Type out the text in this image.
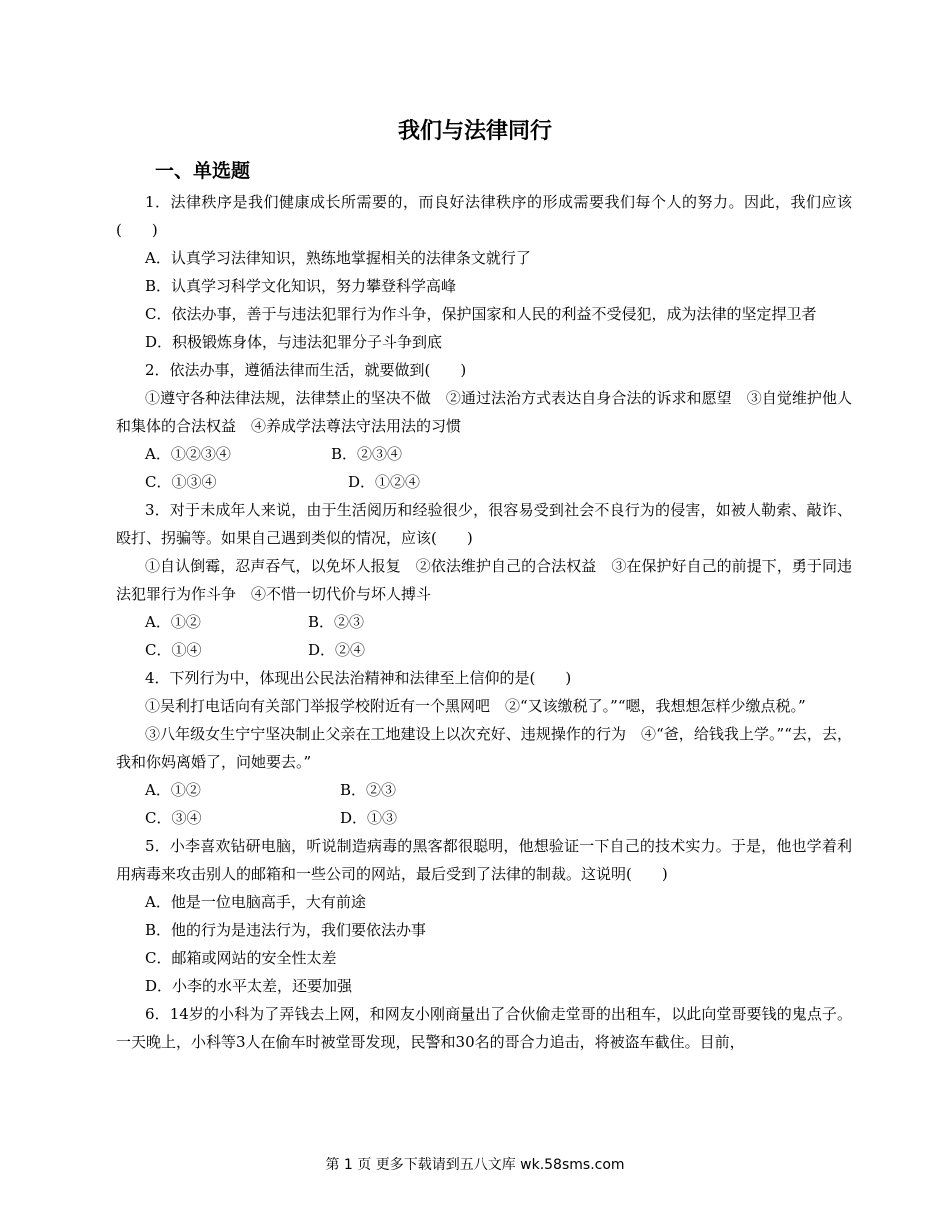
我们与法律同行
一、单选题

1．法律秩序是我们健康成长所需要的，而良好法律秩序的形成需要我们每个人的努力。因此，我们应该(　　)

A．认真学习法律知识，熟练地掌握相关的法律条文就行了

B．认真学习科学文化知识，努力攀登科学高峰

C．依法办事，善于与违法犯罪行为作斗争，保护国家和人民的利益不受侵犯，成为法律的坚定捍卫者

D．积极锻炼身体，与违法犯罪分子斗争到底

2．依法办事，遵循法律而生活，就要做到(　　)

①遵守各种法律法规，法律禁止的坚决不做　②通过法治方式表达自身合法的诉求和愿望　③自觉维护他人和集体的合法权益　④养成学法尊法守法用法的习惯

A．①②③④	B．②③④
C．①③④	D．①②④

3．对于未成年人来说，由于生活阅历和经验很少，很容易受到社会不良行为的侵害，如被人勒索、敲诈、殴打、拐骗等。如果自己遇到类似的情况，应该(　　)

①自认倒霉，忍声吞气，以免坏人报复　②依法维护自己的合法权益　③在保护好自己的前提下，勇于同违法犯罪行为作斗争　④不惜一切代价与坏人搏斗

A．①②	B．②③
C．①④	D．②④

4．下列行为中，体现出公民法治精神和法律至上信仰的是(　　)

①吴利打电话向有关部门举报学校附近有一个黑网吧　②“又该缴税了。”“嗯，我想想怎样少缴点税。”

③八年级女生宁宁坚决制止父亲在工地建设上以次充好、违规操作的行为　④“爸，给钱我上学。”“去，去，我和你妈离婚了，问她要去。”

A．①②	B．②③
C．③④	D．①③

5．小李喜欢钻研电脑，听说制造病毒的黑客都很聪明，他想验证一下自己的技术实力。于是，他也学着利用病毒来攻击别人的邮箱和一些公司的网站，最后受到了法律的制裁。这说明(　　)

A．他是一位电脑高手，大有前途

B．他的行为是违法行为，我们要依法办事

C．邮箱或网站的安全性太差

D．小李的水平太差，还要加强

6．14岁的小科为了弄钱去上网，和网友小刚商量出了合伙偷走堂哥的出租车，以此向堂哥要钱的鬼点子。一天晚上，小科等3人在偷车时被堂哥发现，民警和30名的哥合力追击，将被盗车截住。目前，

第 1 页 更多下载请到五八文库 wk.58sms.com
